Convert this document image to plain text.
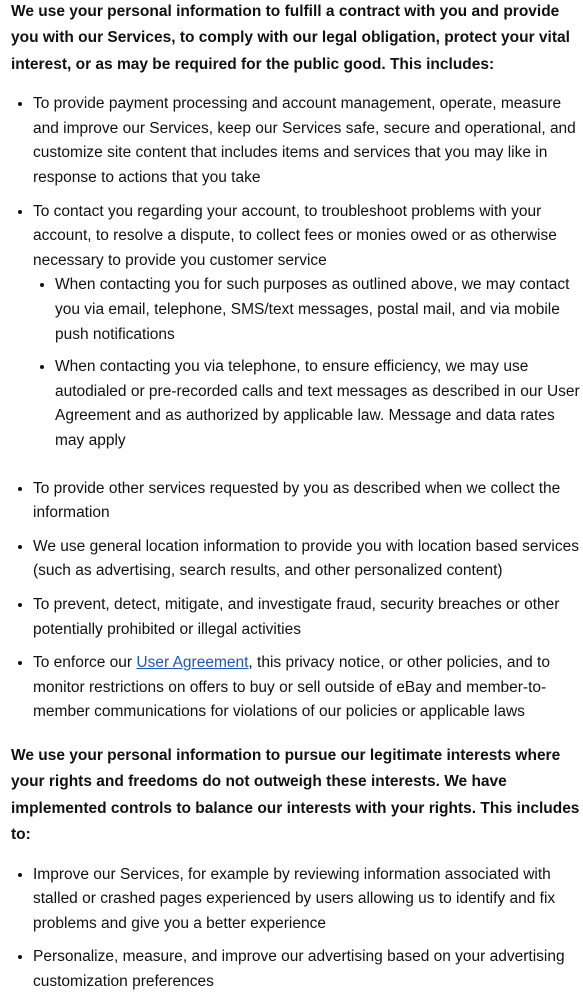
We use your personal information to fulfill a contract with you and provide you with our Services, to comply with our legal obligation, protect your vital interest, or as may be required for the public good. This includes:

• To provide payment processing and account management, operate, measure and improve our Services, keep our Services safe, secure and operational, and customize site content that includes items and services that you may like in response to actions that you take
• To contact you regarding your account, to troubleshoot problems with your account, to resolve a dispute, to collect fees or monies owed or as otherwise necessary to provide you customer service
• When contacting you for such purposes as outlined above, we may contact you via email, telephone, SMS/text messages, postal mail, and via mobile push notifications
• When contacting you via telephone, to ensure efficiency, we may use autodialed or pre-recorded calls and text messages as described in our User Agreement and as authorized by applicable law. Message and data rates may apply
• To provide other services requested by you as described when we collect the information
• We use general location information to provide you with location based services (such as advertising, search results, and other personalized content)
• To prevent, detect, mitigate, and investigate fraud, security breaches or other potentially prohibited or illegal activities
• To enforce our User Agreement, this privacy notice, or other policies, and to monitor restrictions on offers to buy or sell outside of eBay and member-to-member communications for violations of our policies or applicable laws

We use your personal information to pursue our legitimate interests where your rights and freedoms do not outweigh these interests. We have implemented controls to balance our interests with your rights. This includes to:

• Improve our Services, for example by reviewing information associated with stalled or crashed pages experienced by users allowing us to identify and fix problems and give you a better experience
• Personalize, measure, and improve our advertising based on your advertising customization preferences
